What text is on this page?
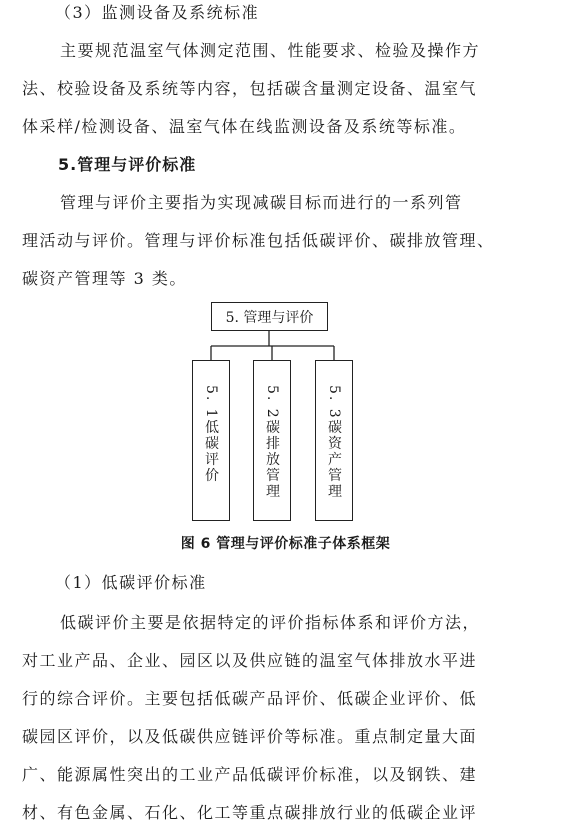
（3）监测设备及系统标准
主要规范温室气体测定范围、性能要求、检验及操作方
法、校验设备及系统等内容，包括碳含量测定设备、温室气
体采样/检测设备、温室气体在线监测设备及系统等标准。
5.管理与评价标准
管理与评价主要指为实现减碳目标而进行的一系列管
理活动与评价。管理与评价标准包括低碳评价、碳排放管理、
碳资产管理等 3 类。
5. 管理与评价
5. 1低碳评价	5. 2碳排放管理	5. 3碳资产管理
图 6 管理与评价标准子体系框架
（1）低碳评价标准
低碳评价主要是依据特定的评价指标体系和评价方法，
对工业产品、企业、园区以及供应链的温室气体排放水平进
行的综合评价。主要包括低碳产品评价、低碳企业评价、低
碳园区评价，以及低碳供应链评价等标准。重点制定量大面
广、能源属性突出的工业产品低碳评价标准，以及钢铁、建
材、有色金属、石化、化工等重点碳排放行业的低碳企业评
